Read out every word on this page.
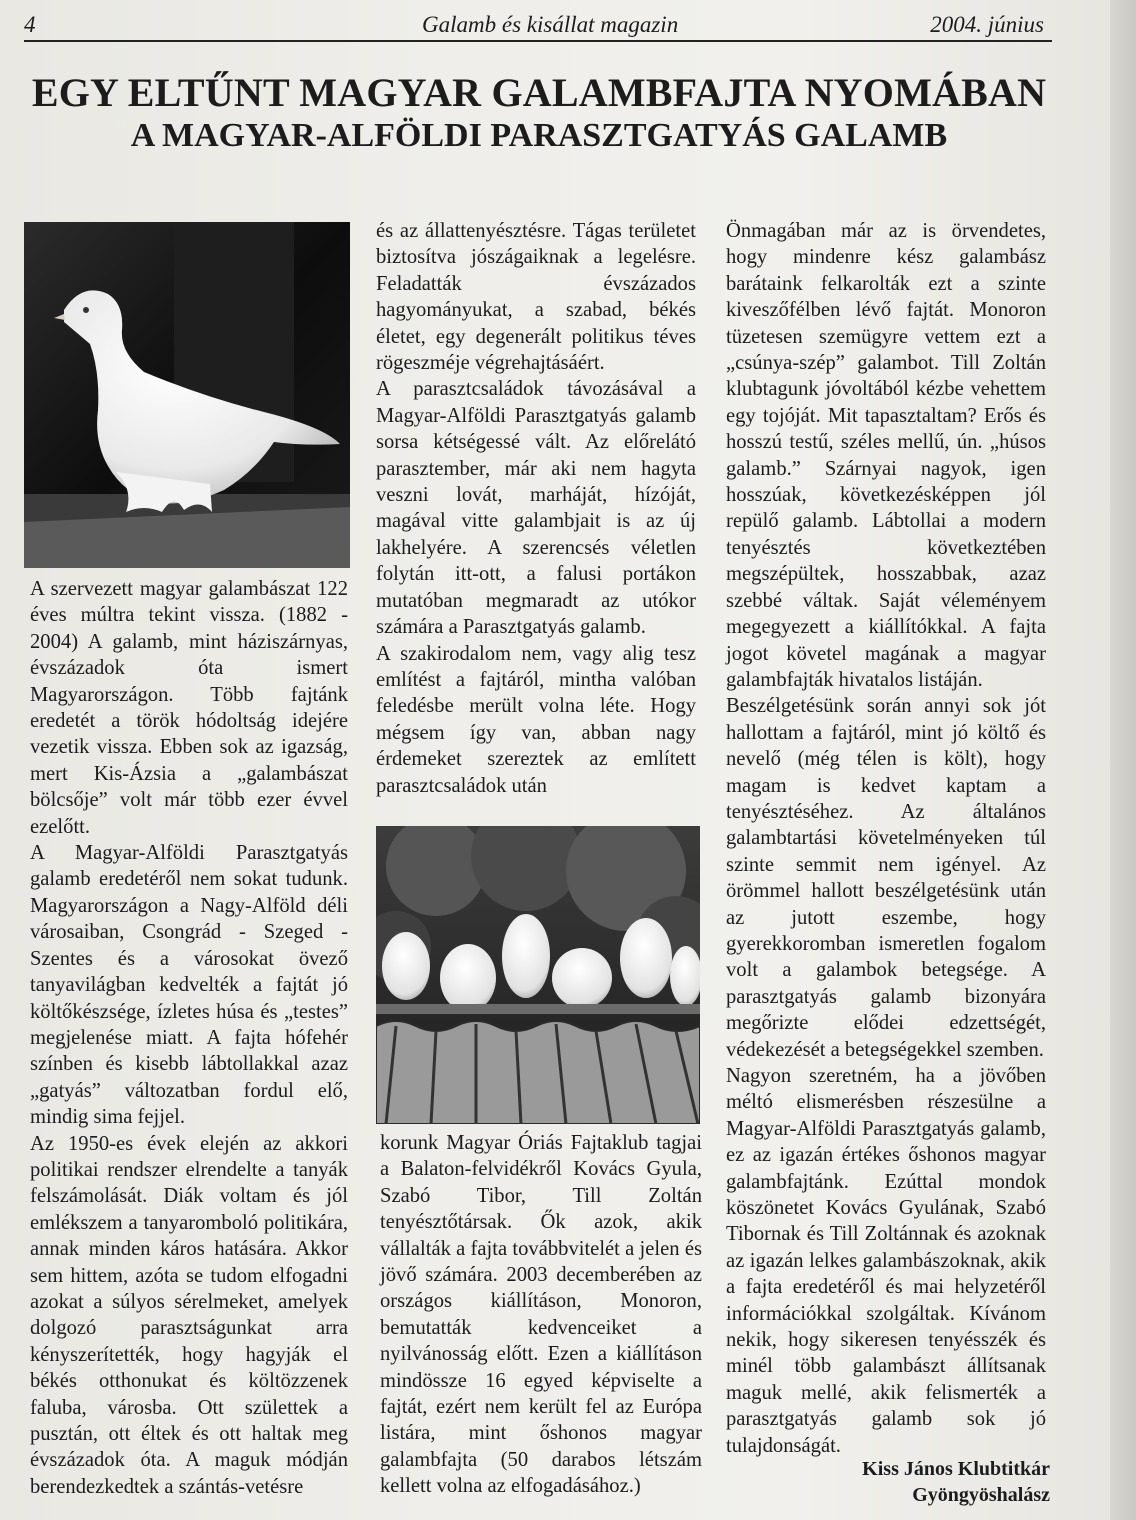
4	Galamb és kisállat magazin	2004. június
EGY ELTŰNT MAGYAR GALAMBFAJTA NYOMÁBAN
A MAGYAR-ALFÖLDI PARASZTGATYÁS GALAMB

A szervezett magyar galambászat 122 éves múltra tekint vissza. (1882 - 2004) A galamb, mint háziszárnyas, évszázadok óta ismert Magyarországon. Több fajtánk eredetét a török hódoltság idejére vezetik vissza. Ebben sok az igazság, mert Kis-Ázsia a „galambászat bölcsője” volt már több ezer évvel ezelőtt.

A Magyar-Alföldi Parasztgatyás galamb eredetéről nem sokat tudunk. Magyarországon a Nagy-Alföld déli városaiban, Csongrád - Szeged - Szentes és a városokat övező tanyavilágban kedvelték a fajtát jó költőkészsége, ízletes húsa és „testes” megjelenése miatt. A fajta hófehér színben és kisebb lábtollakkal azaz „gatyás” változatban fordul elő, mindig sima fejjel.

Az 1950-es évek elején az akkori politikai rendszer elrendelte a tanyák felszámolását. Diák voltam és jól emlékszem a tanyaromboló politikára, annak minden káros hatására. Akkor sem hittem, azóta se tudom elfogadni azokat a súlyos sérelmeket, amelyek dolgozó parasztságunkat arra kényszerítették, hogy hagyják el békés otthonukat és költözzenek faluba, városba. Ott születtek a pusztán, ott éltek és ott haltak meg évszázadok óta. A maguk módján berendezkedtek a szántás-vetésre

és az állattenyésztésre. Tágas területet biztosítva jószágaiknak a legelésre. Feladatták évszázados hagyományukat, a szabad, békés életet, egy degenerált politikus téves rögeszméje végrehajtásáért.

A parasztcsaládok távozásával a Magyar-Alföldi Parasztgatyás galamb sorsa kétségessé vált. Az előrelátó parasztember, már aki nem hagyta veszni lovát, marháját, hízóját, magával vitte galambjait is az új lakhelyére. A szerencsés véletlen folytán itt-ott, a falusi portákon mutatóban megmaradt az utókor számára a Parasztgatyás galamb.

A szakirodalom nem, vagy alig tesz említést a fajtáról, mintha valóban feledésbe merült volna léte. Hogy mégsem így van, abban nagy érdemeket szereztek az említett parasztcsaládok után

korunk Magyar Óriás Fajtaklub tagjai a Balaton-felvidékről Kovács Gyula, Szabó Tibor, Till Zoltán tenyésztőtársak. Ők azok, akik vállalták a fajta továbbvitelét a jelen és jövő számára. 2003 decemberében az országos kiállításon, Monoron, bemutatták kedvenceiket a nyilvánosság előtt. Ezen a kiállításon mindössze 16 egyed képviselte a fajtát, ezért nem került fel az Európa listára, mint őshonos magyar galambfajta (50 darabos létszám kellett volna az elfogadásához.)

Önmagában már az is örvendetes, hogy mindenre kész galambász barátaink felkarolták ezt a szinte kiveszőfélben lévő fajtát. Monoron tüzetesen szemügyre vettem ezt a „csúnya-szép” galambot. Till Zoltán klubtagunk jóvoltából kézbe vehettem egy tojóját. Mit tapasztaltam? Erős és hosszú testű, széles mellű, ún. „húsos galamb.” Szárnyai nagyok, igen hosszúak, következésképpen jól repülő galamb. Lábtollai a modern tenyésztés következtében megszépültek, hosszabbak, azaz szebbé váltak. Saját véleményem megegyezett a kiállítókkal. A fajta jogot követel magának a magyar galambfajták hivatalos listáján.

Beszélgetésünk során annyi sok jót hallottam a fajtáról, mint jó költő és nevelő (még télen is költ), hogy magam is kedvet kaptam a tenyésztéséhez. Az általános galambtartási követelményeken túl szinte semmit nem igényel. Az örömmel hallott beszélgetésünk után az jutott eszembe, hogy gyerekkoromban ismeretlen fogalom volt a galambok betegsége. A parasztgatyás galamb bizonyára megőrizte elődei edzettségét, védekezését a betegségekkel szemben.

Nagyon szeretném, ha a jövőben méltó elismerésben részesülne a Magyar-Alföldi Parasztgatyás galamb, ez az igazán értékes őshonos magyar galambfajtánk. Ezúttal mondok köszönetet Kovács Gyulának, Szabó Tibornak és Till Zoltánnak és azoknak az igazán lelkes galambászoknak, akik a fajta eredetéről és mai helyzetéről információkkal szolgáltak. Kívánom nekik, hogy sikeresen tenyésszék és minél több galambászt állítsanak maguk mellé, akik felismerték a parasztgatyás galamb sok jó tulajdonságát.

Kiss János Klubtitkár
Gyöngyöshalász
